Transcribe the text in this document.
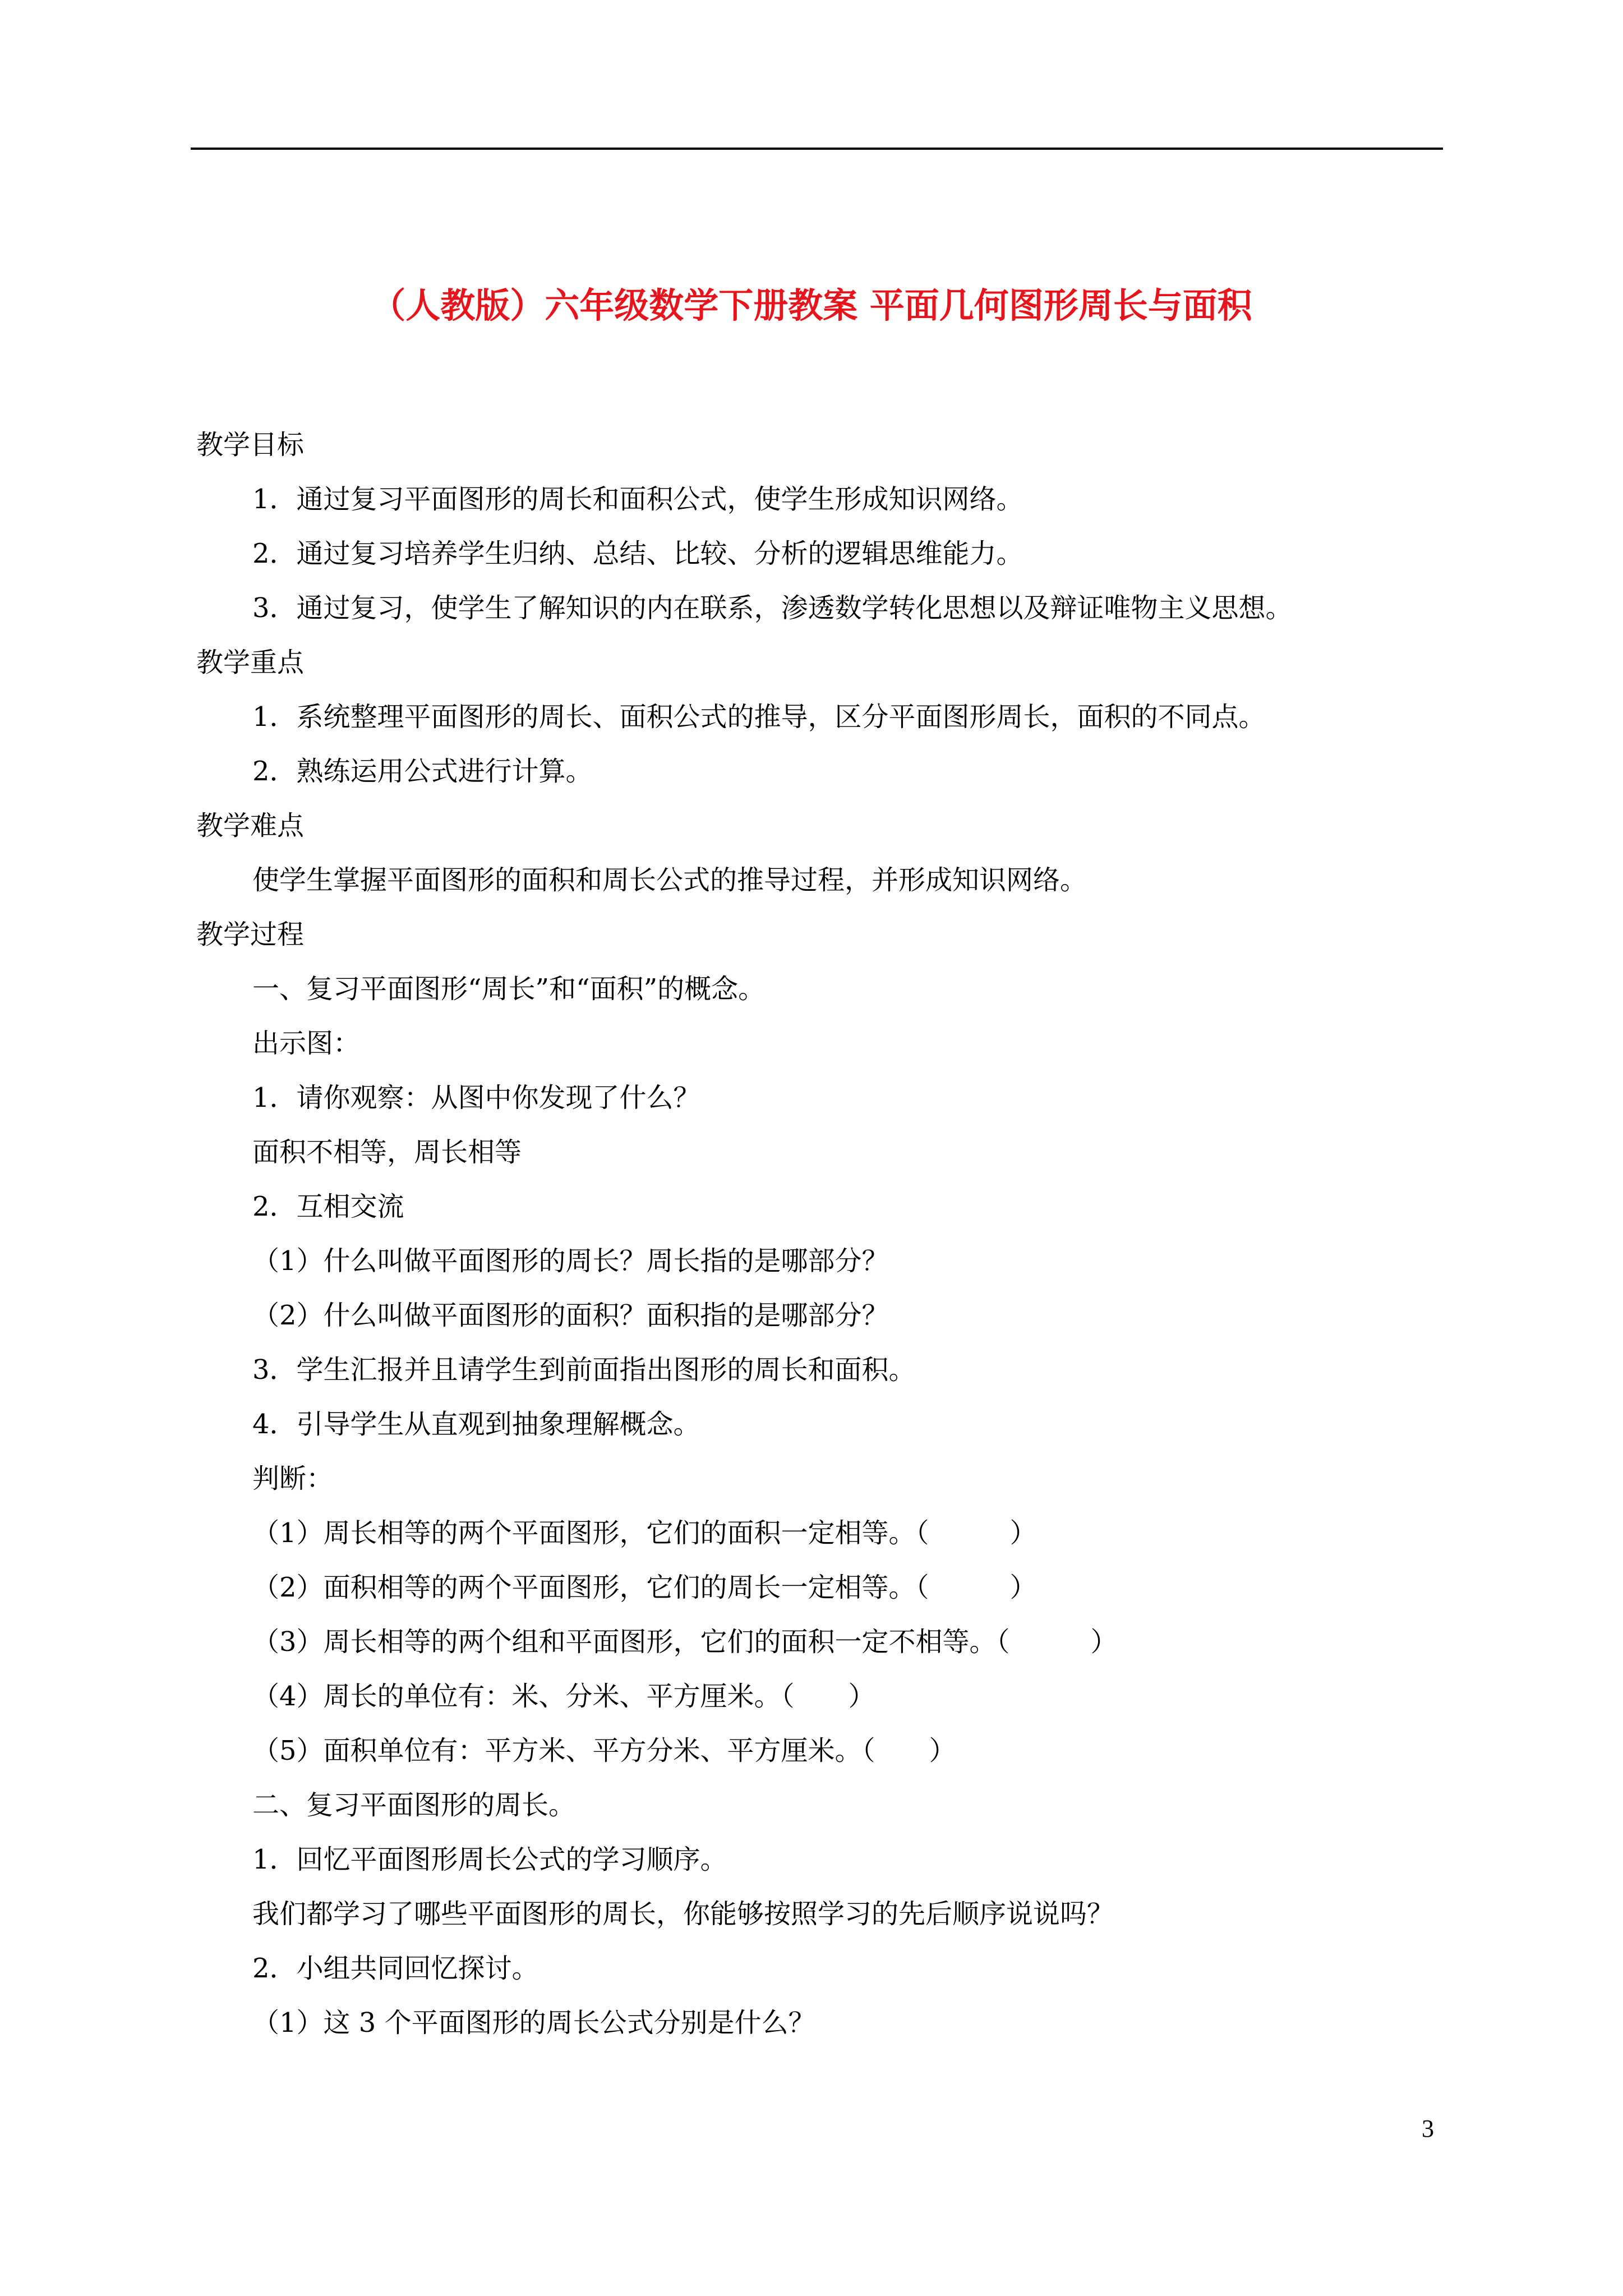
（人教版）六年级数学下册教案 平面几何图形周长与面积
教学目标
1．通过复习平面图形的周长和面积公式，使学生形成知识网络。
2．通过复习培养学生归纳、总结、比较、分析的逻辑思维能力。
3．通过复习，使学生了解知识的内在联系，渗透数学转化思想以及辩证唯物主义思想。
教学重点
1．系统整理平面图形的周长、面积公式的推导，区分平面图形周长，面积的不同点。
2．熟练运用公式进行计算。
教学难点
使学生掌握平面图形的面积和周长公式的推导过程，并形成知识网络。
教学过程
一、复习平面图形“周长”和“面积”的概念。
出示图：
1．请你观察：从图中你发现了什么？
面积不相等，周长相等
2．互相交流
（1）什么叫做平面图形的周长？周长指的是哪部分？
（2）什么叫做平面图形的面积？面积指的是哪部分？
3．学生汇报并且请学生到前面指出图形的周长和面积。
4．引导学生从直观到抽象理解概念。
判断：
（1）周长相等的两个平面图形，它们的面积一定相等。（　　　）
（2）面积相等的两个平面图形，它们的周长一定相等。（　　　）
（3）周长相等的两个组和平面图形，它们的面积一定不相等。（　　　）
（4）周长的单位有：米、分米、平方厘米。（　　）
（5）面积单位有：平方米、平方分米、平方厘米。（　　）
二、复习平面图形的周长。
1．回忆平面图形周长公式的学习顺序。
我们都学习了哪些平面图形的周长，你能够按照学习的先后顺序说说吗？
2．小组共同回忆探讨。
（1）这 3 个平面图形的周长公式分别是什么？
3
